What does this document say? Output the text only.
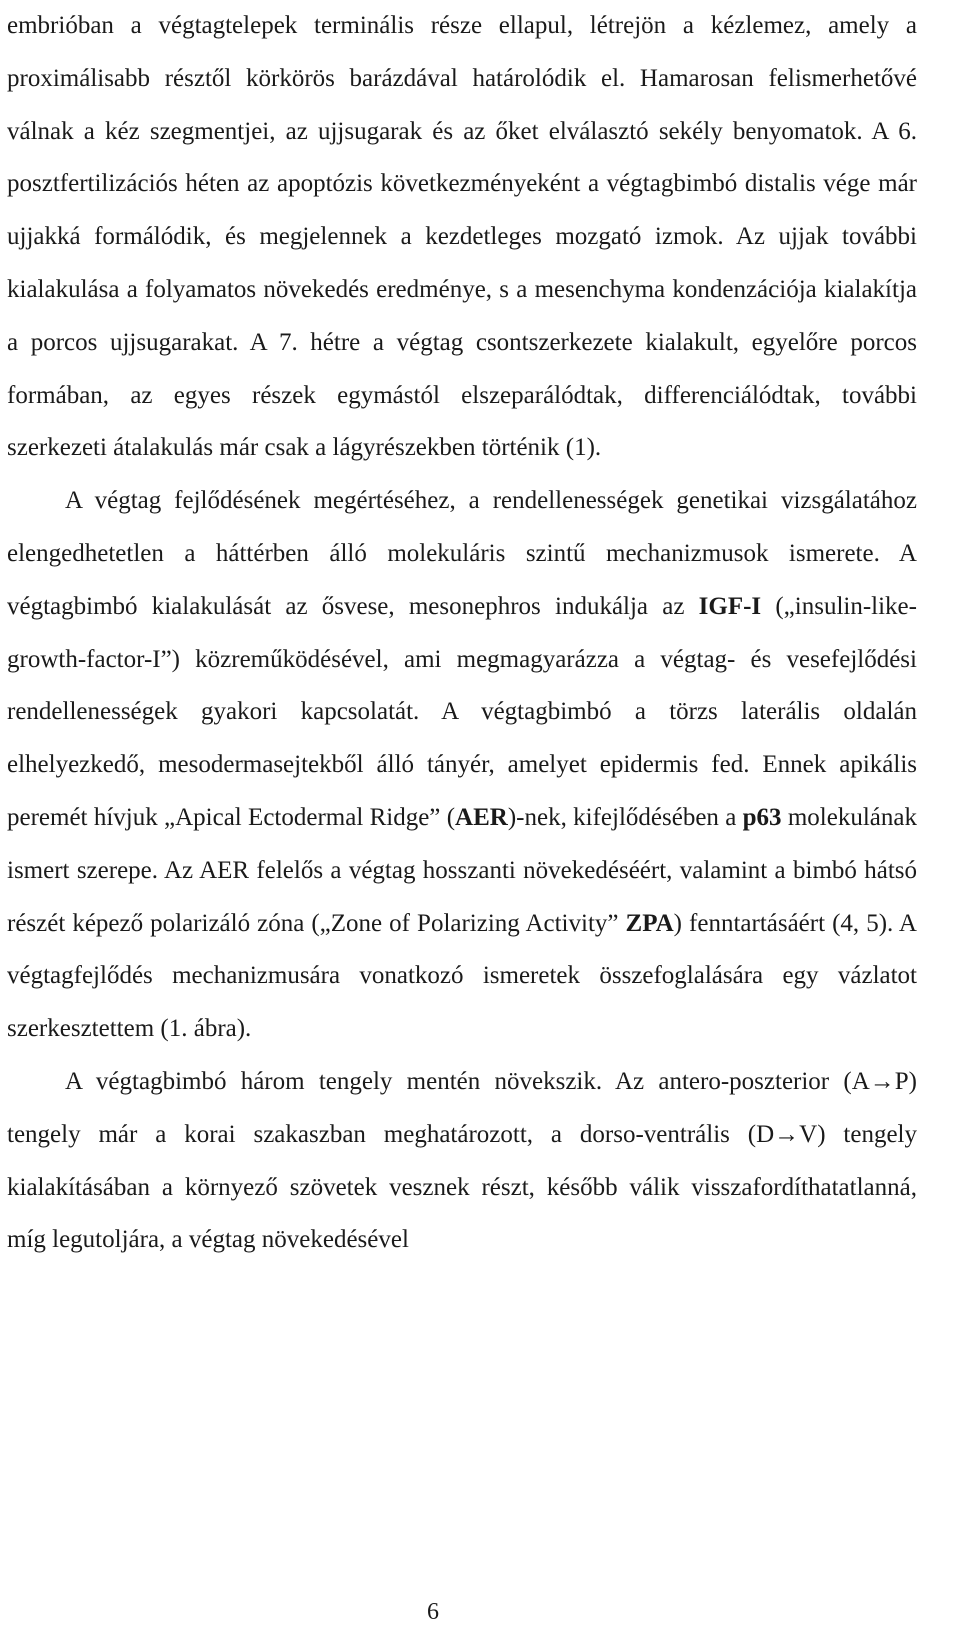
embrióban a végtagtelepek terminális része ellapul, létrejön a kézlemez, amely a proximálisabb résztől körkörös barázdával határolódik el. Hamarosan felismerhetővé válnak a kéz szegmentjei, az ujjsugarak és az őket elválasztó sekély benyomatok. A 6. posztfertilizációs héten az apoptózis következményeként a végtagbimbó distalis vége már ujjakká formálódik, és megjelennek a kezdetleges mozgató izmok. Az ujjak további kialakulása a folyamatos növekedés eredménye, s a mesenchyma kondenzációja kialakítja a porcos ujjsugarakat. A 7. hétre a végtag csontszerkezete kialakult, egyelőre porcos formában, az egyes részek egymástól elszeparálódtak, differenciálódtak, további szerkezeti átalakulás már csak a lágyrészekben történik (1).

A végtag fejlődésének megértéséhez, a rendellenességek genetikai vizsgálatához elengedhetetlen a háttérben álló molekuláris szintű mechanizmusok ismerete. A végtagbimbó kialakulását az ősvese, mesonephros indukálja az IGF-I („insulin-like-growth-factor-I”) közreműködésével, ami megmagyarázza a végtag- és vesefejlődési rendellenességek gyakori kapcsolatát. A végtagbimbó a törzs laterális oldalán elhelyezkedő, mesodermasejtekből álló tányér, amelyet epidermis fed. Ennek apikális peremét hívjuk „Apical Ectodermal Ridge” (AER)-nek, kifejlődésében a p63 molekulának ismert szerepe. Az AER felelős a végtag hosszanti növekedéséért, valamint a bimbó hátsó részét képező polarizáló zóna („Zone of Polarizing Activity” ZPA) fenntartásáért (4, 5). A végtagfejlődés mechanizmusára vonatkozó ismeretek összefoglalására egy vázlatot szerkesztettem (1. ábra).

A végtagbimbó három tengely mentén növekszik. Az antero-poszterior (A→P) tengely már a korai szakaszban meghatározott, a dorso-ventrális (D→V) tengely kialakításában a környező szövetek vesznek részt, később válik visszafordíthatatlanná, míg legutoljára, a végtag növekedésével

6
